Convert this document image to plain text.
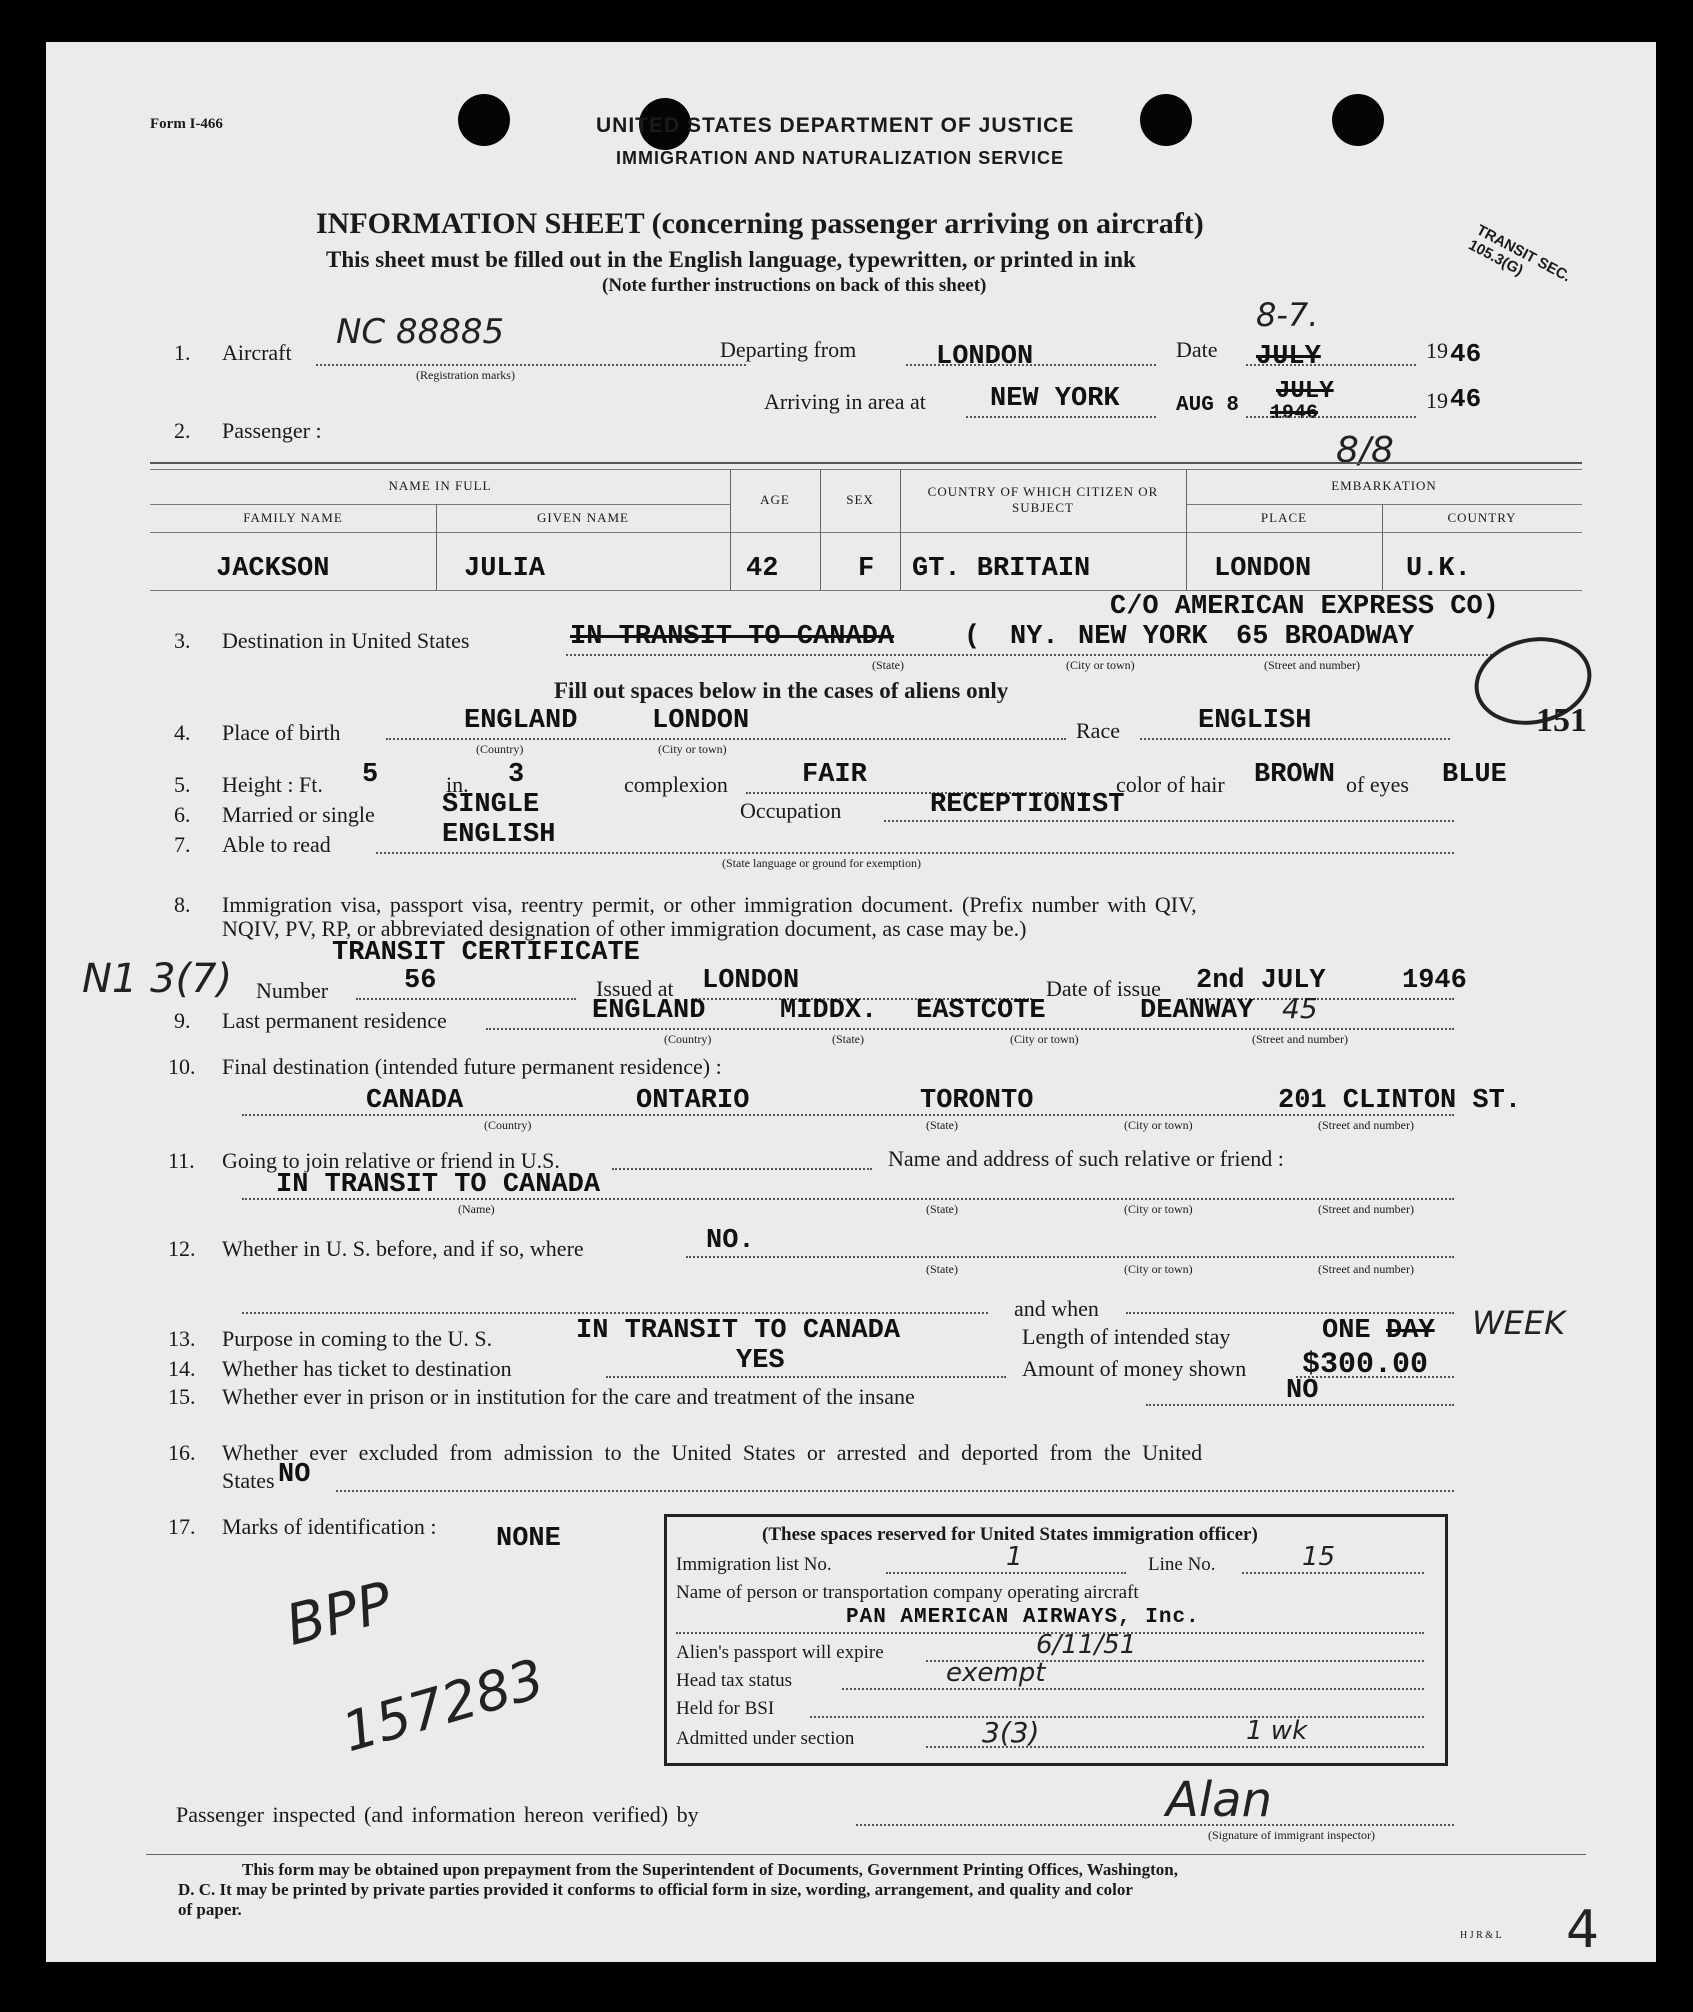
Form I-466	UNITED STATES DEPARTMENT OF JUSTICE
IMMIGRATION AND NATURALIZATION SERVICE
INFORMATION SHEET (concerning passenger arriving on aircraft)
This sheet must be filled out in the English language, typewritten, or printed in ink
(Note further instructions on back of this sheet)
TRANSIT SEC. 105.3(G)
1. Aircraft
NC 88885
(Registration marks)
Departing from	LONDON	Date
8-7.
JULY	19 46
Arriving in area at NEW YORK	AUG 8
JULY
1946
19 46
8/8
2. Passenger :
NAME IN FULL
FAMILY NAME	GIVEN NAME
AGE	SEX
COUNTRY OF WHICH CITIZEN OR SUBJECT
EMBARKATION
PLACE	COUNTRY
JACKSON	JULIA	42	F GT. BRITAIN	LONDON	U.K.
C/O AMERICAN EXPRESS CO)
3. Destination in United States	IN TRANSIT TO CANADA	( NY. NEW YORK 65 BROADWAY
(State)	(City or town)	(Street and number)
Fill out spaces below in the cases of aliens only
151
4. Place of birth	ENGLAND	LONDON
(Country)	(City or town)
Race	ENGLISH
5. Height : Ft. 5	in. 3	complexion	FAIR	color of hair BROWN of eyes BLUE
6. Married or single SINGLE	Occupation	RECEPTIONIST
7. Able to read	ENGLISH
(State language or ground for exemption)
8. Immigration visa, passport visa, reentry permit, or other immigration document. (Prefix number with QIV,
NQIV, PV, RP, or abbreviated designation of other immigration document, as case may be.)
N1 3(7)
TRANSIT CERTIFICATE
Number	56	Issued at LONDON	Date of issue 2nd JULY	1946
9. Last permanent residence	ENGLAND	MIDDX. EASTCOTE	DEANWAY 45
(Country)	(State)	(City or town)	(Street and number)
10. Final destination (intended future permanent residence) :
CANADA	ONTARIO	TORONTO	201 CLINTON ST.
(Country)	(State)	(City or town)	(Street and number)
11. Going to join relative or friend in U.S.	Name and address of such relative or friend :
IN TRANSIT TO CANADA
(Name)	(State)	(City or town)	(Street and number)
12. Whether in U. S. before, and if so, where	NO.
(State)	(City or town)	(Street and number)
and when
13. Purpose in coming to the U. S.	IN TRANSIT TO CANADA	Length of intended stay	ONE DAY WEEK
14. Whether has ticket to destination	YES	Amount of money shown $300.00
15. Whether ever in prison or in institution for the care and treatment of the insane	NO
16. Whether ever excluded from admission to the United States or arrested and deported from the United
States NO
17. Marks of identification : NONE
BPP
157283
(These spaces reserved for United States immigration officer)
Immigration list No.	1	Line No.	15
Name of person or transportation company operating aircraft
PAN AMERICAN AIRWAYS, Inc.
Alien's passport will expire	6/11/51
Head tax status	exempt
Held for BSI
Admitted under section	3(3)	1 wk
Passenger inspected (and information hereon verified) by	Alan
(Signature of immigrant inspector)
This form may be obtained upon prepayment from the Superintendent of Documents, Government Printing Offices, Washington,
D. C. It may be printed by private parties provided it conforms to official form in size, wording, arrangement, and quality and color
of paper.
H J R & L 4
